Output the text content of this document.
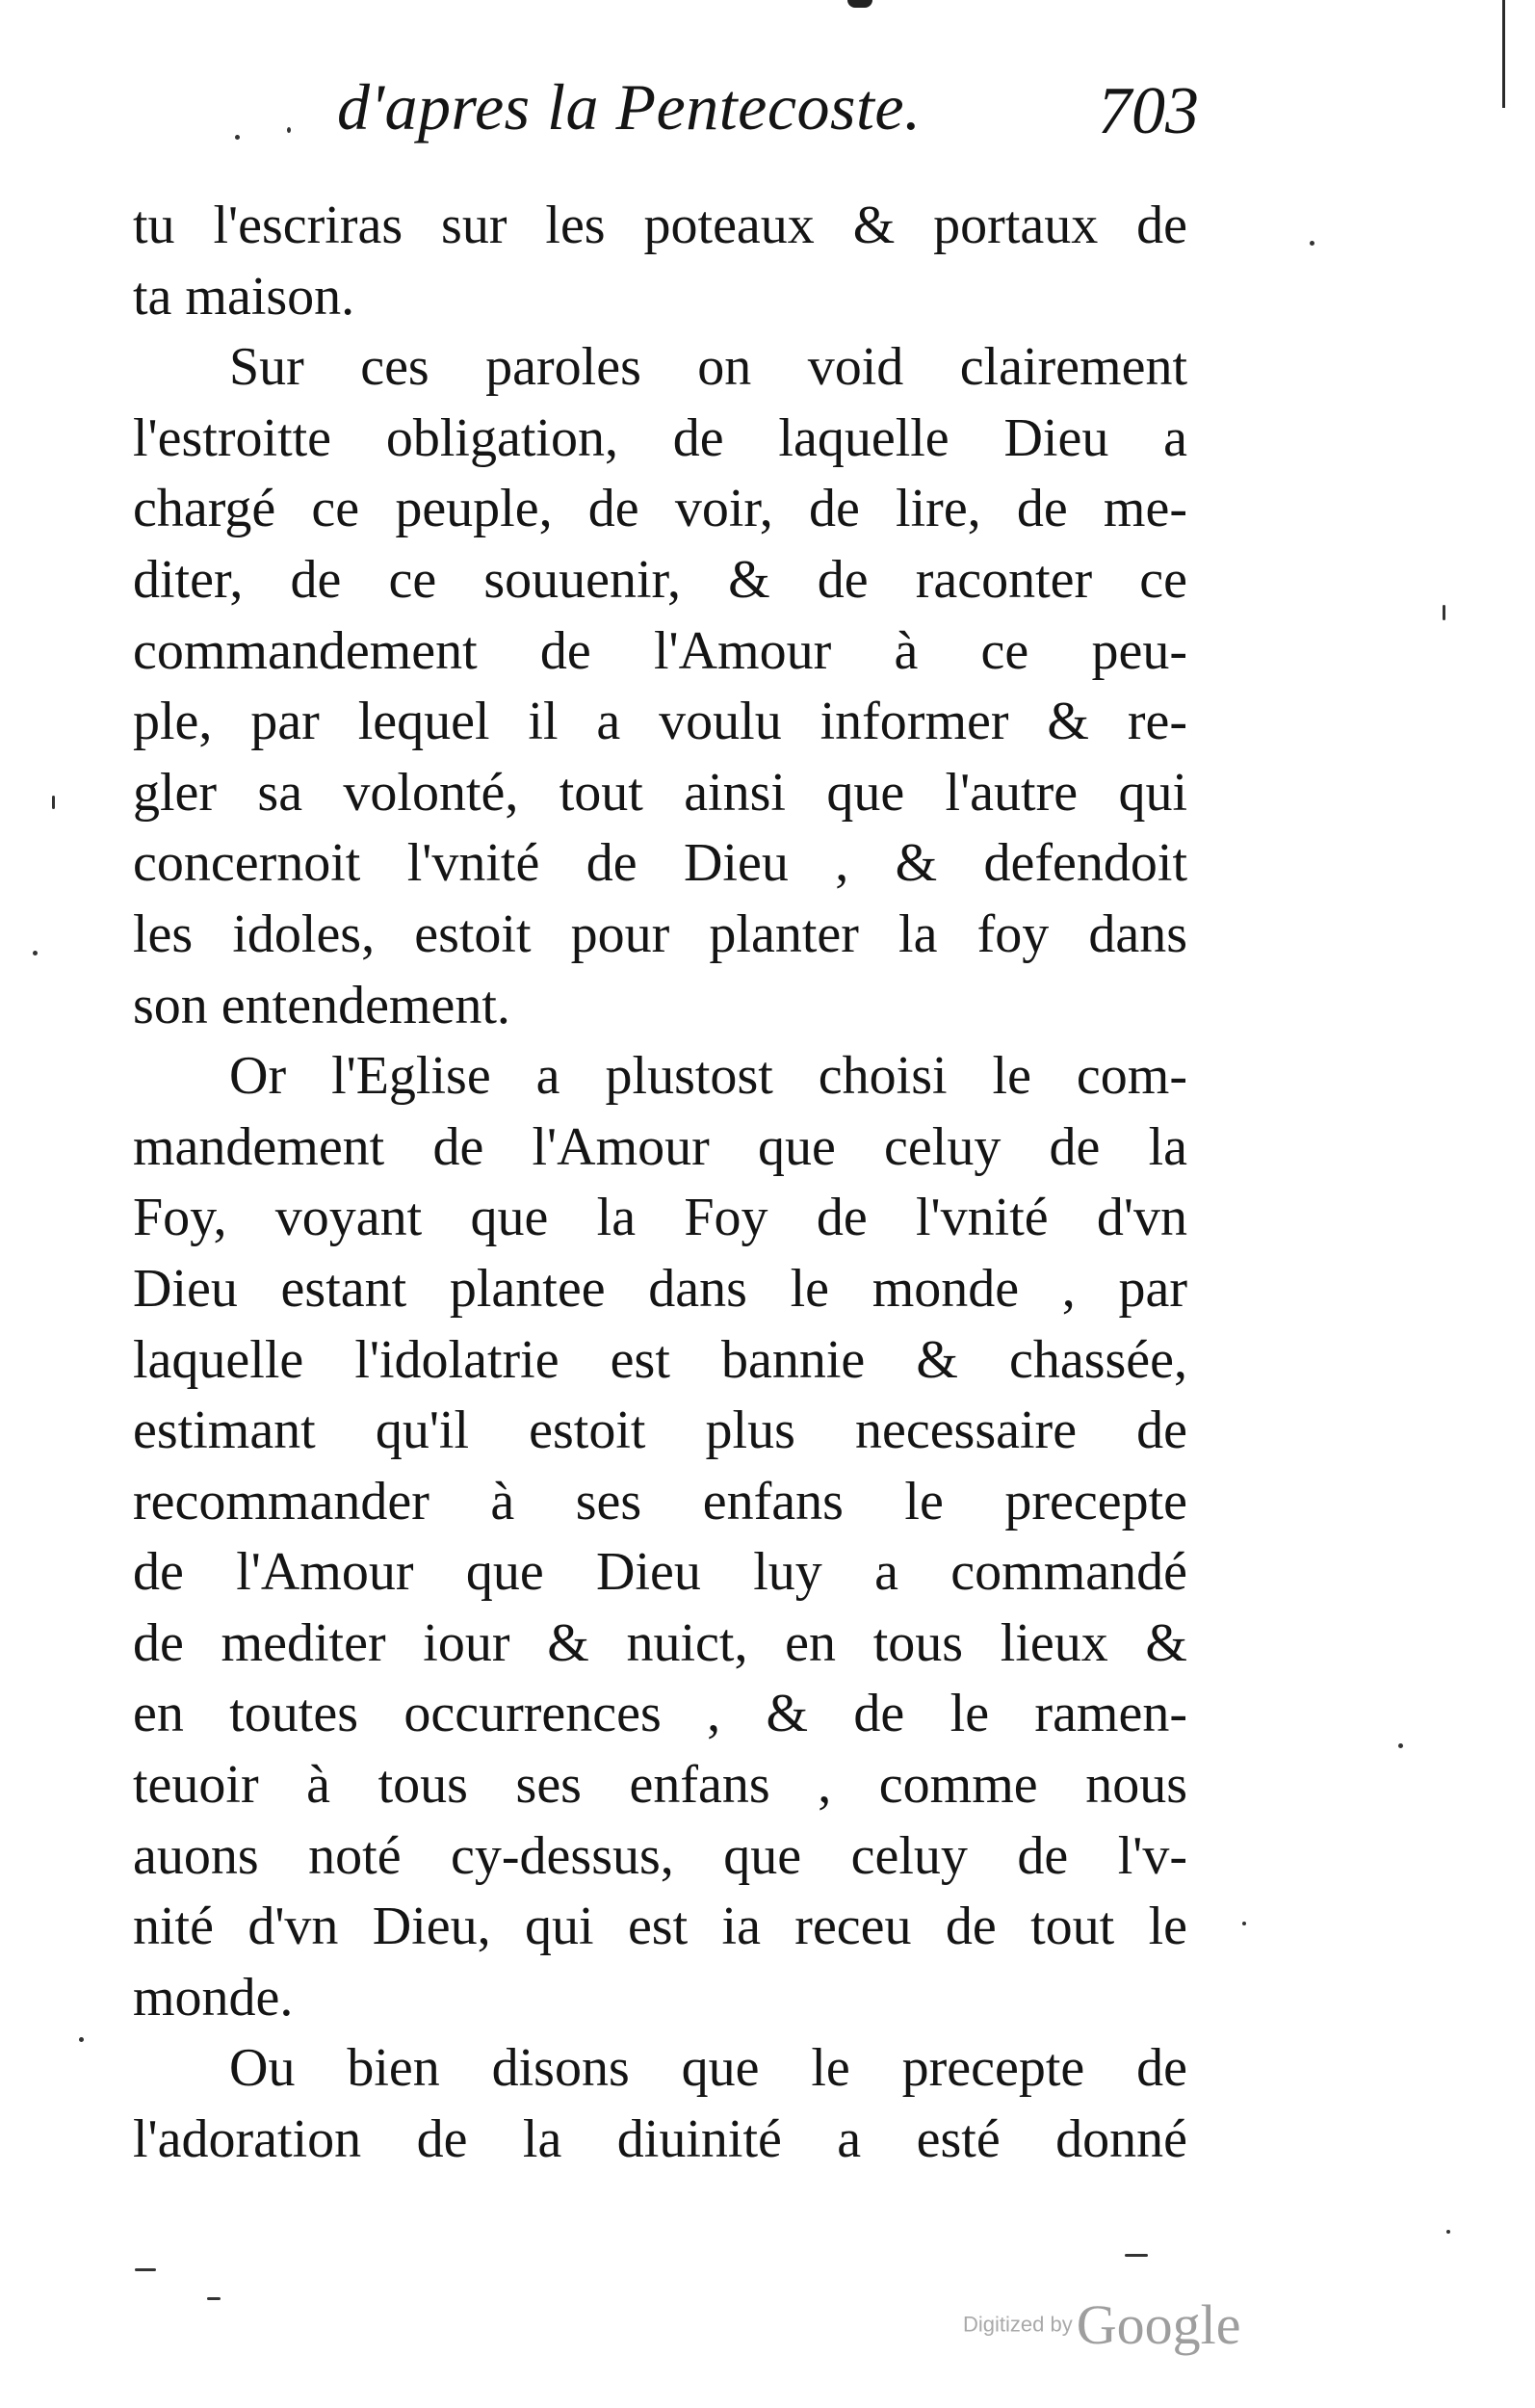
d'apres la Pentecoste.	703
tu l'escriras sur les poteaux & portaux de
ta maison.
Sur ces paroles on void clairement
l'estroitte obligation, de laquelle Dieu a
chargé ce peuple, de voir, de lire, de me-
diter, de ce souuenir, & de raconter ce
commandement de l'Amour à ce peu-
ple, par lequel il a voulu informer & re-
gler sa volonté, tout ainsi que l'autre qui
concernoit l'vnité de Dieu , & defendoit
les idoles, estoit pour planter la foy dans
son entendement.
Or l'Eglise a plustost choisi le com-
mandement de l'Amour que celuy de la
Foy, voyant que la Foy de l'vnité d'vn
Dieu estant plantee dans le monde , par
laquelle l'idolatrie est bannie & chassée,
estimant qu'il estoit plus necessaire de
recommander à ses enfans le precepte
de l'Amour que Dieu luy a commandé
de mediter iour & nuict, en tous lieux &
en toutes occurrences , & de le ramen-
teuoir à tous ses enfans , comme nous
auons noté cy-dessus, que celuy de l'v-
nité d'vn Dieu, qui est ia receu de tout le
monde.
Ou bien disons que le precepte de
l'adoration de la diuinité a esté donné
Digitized byGoogle
